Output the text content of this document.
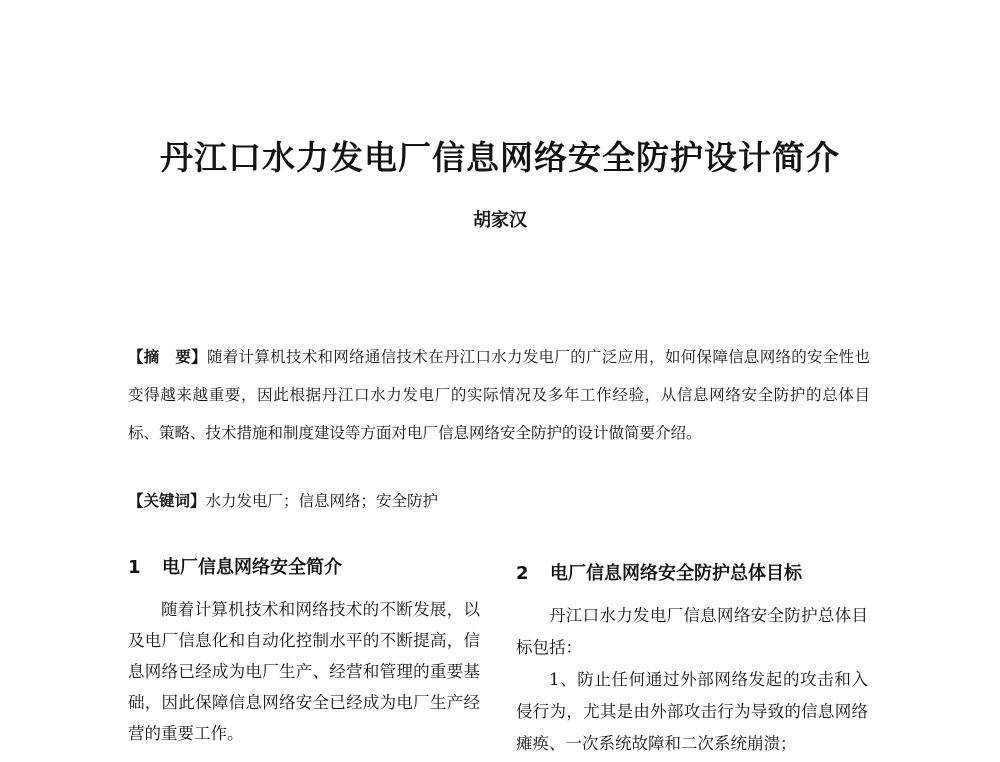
丹江口水力发电厂信息网络安全防护设计简介
胡家汉

【摘　要】随着计算机技术和网络通信技术在丹江口水力发电厂的广泛应用，如何保障信息网络的安全性也变得越来越重要，因此根据丹江口水力发电厂的实际情况及多年工作经验，从信息网络安全防护的总体目标、策略、技术措施和制度建设等方面对电厂信息网络安全防护的设计做简要介绍。

【关键词】水力发电厂；信息网络；安全防护

1 电厂信息网络安全简介

随着计算机技术和网络技术的不断发展，以及电厂信息化和自动化控制水平的不断提高，信息网络已经成为电厂生产、经营和管理的重要基础，因此保障信息网络安全已经成为电厂生产经营的重要工作。

2 电厂信息网络安全防护总体目标

丹江口水力发电厂信息网络安全防护总体目标包括：

1、防止任何通过外部网络发起的攻击和入侵行为，尤其是由外部攻击行为导致的信息网络瘫痪、一次系统故障和二次系统崩溃；
